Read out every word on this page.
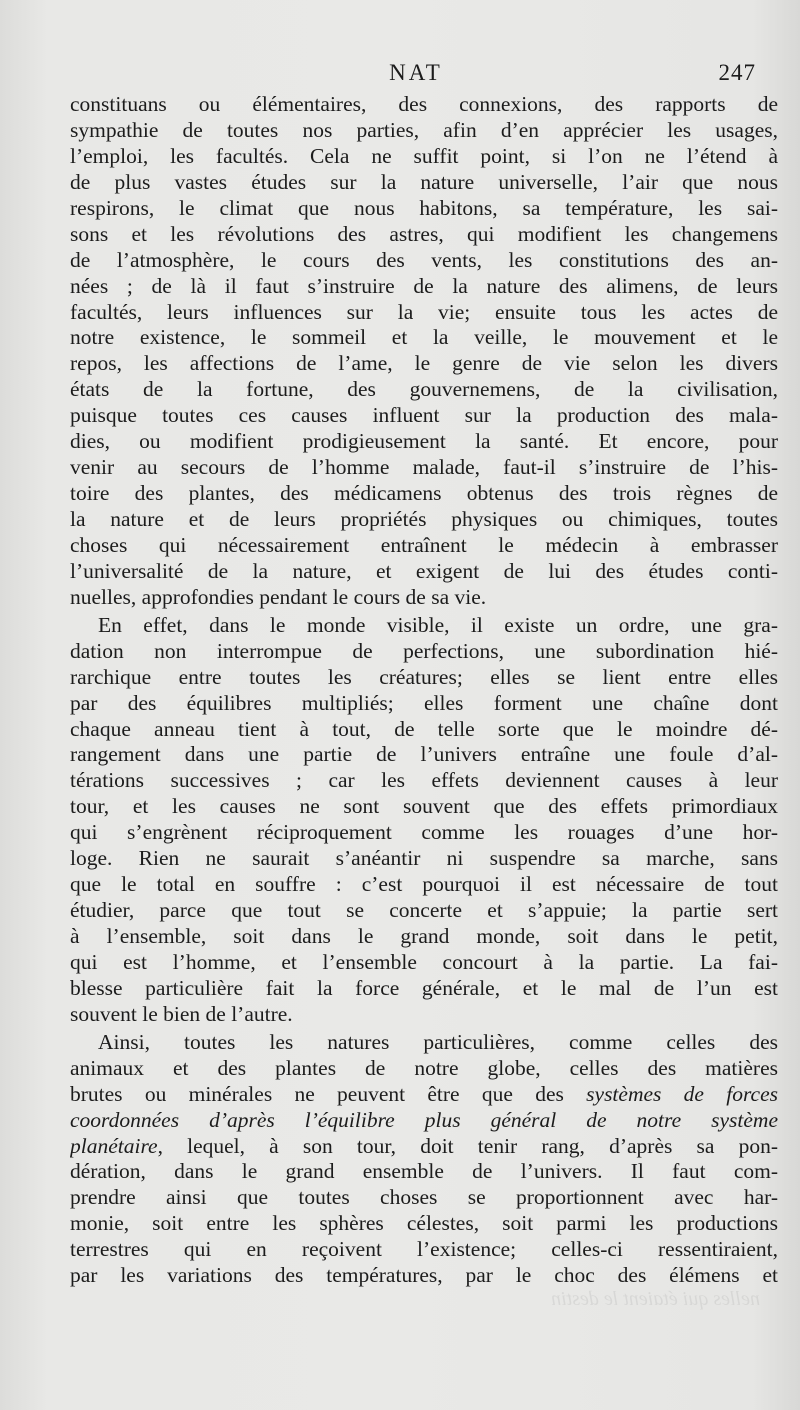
NAT	247
constituans ou élémentaires, des connexions, des rapports de
sympathie de toutes nos parties, afin d’en apprécier les usages,
l’emploi, les facultés. Cela ne suffit point, si l’on ne l’étend à
de plus vastes études sur la nature universelle, l’air que nous
respirons, le climat que nous habitons, sa température, les sai-
sons et les révolutions des astres, qui modifient les changemens
de l’atmosphère, le cours des vents, les constitutions des an-
nées ; de là il faut s’instruire de la nature des alimens, de leurs
facultés, leurs influences sur la vie; ensuite tous les actes de
notre existence, le sommeil et la veille, le mouvement et le
repos, les affections de l’ame, le genre de vie selon les divers
états de la fortune, des gouvernemens, de la civilisation,
puisque toutes ces causes influent sur la production des mala-
dies, ou modifient prodigieusement la santé. Et encore, pour
venir au secours de l’homme malade, faut-il s’instruire de l’his-
toire des plantes, des médicamens obtenus des trois règnes de
la nature et de leurs propriétés physiques ou chimiques, toutes
choses qui nécessairement entraînent le médecin à embrasser
l’universalité de la nature, et exigent de lui des études conti-
nuelles, approfondies pendant le cours de sa vie.
En effet, dans le monde visible, il existe un ordre, une gra-
dation non interrompue de perfections, une subordination hié-
rarchique entre toutes les créatures; elles se lient entre elles
par des équilibres multipliés; elles forment une chaîne dont
chaque anneau tient à tout, de telle sorte que le moindre dé-
rangement dans une partie de l’univers entraîne une foule d’al-
térations successives ; car les effets deviennent causes à leur
tour, et les causes ne sont souvent que des effets primordiaux
qui s’engrènent réciproquement comme les rouages d’une hor-
loge. Rien ne saurait s’anéantir ni suspendre sa marche, sans
que le total en souffre : c’est pourquoi il est nécessaire de tout
étudier, parce que tout se concerte et s’appuie; la partie sert
à l’ensemble, soit dans le grand monde, soit dans le petit,
qui est l’homme, et l’ensemble concourt à la partie. La fai-
blesse particulière fait la force générale, et le mal de l’un est
souvent le bien de l’autre.
Ainsi, toutes les natures particulières, comme celles des
animaux et des plantes de notre globe, celles des matières
brutes ou minérales ne peuvent être que des systèmes de forces
coordonnées d’après l’équilibre plus général de notre système
planétaire, lequel, à son tour, doit tenir rang, d’après sa pon-
dération, dans le grand ensemble de l’univers. Il faut com-
prendre ainsi que toutes choses se proportionnent avec har-
monie, soit entre les sphères célestes, soit parmi les productions
terrestres qui en reçoivent l’existence; celles-ci ressentiraient,
par les variations des températures, par le choc des élémens et
nelles qui étaient le destin
